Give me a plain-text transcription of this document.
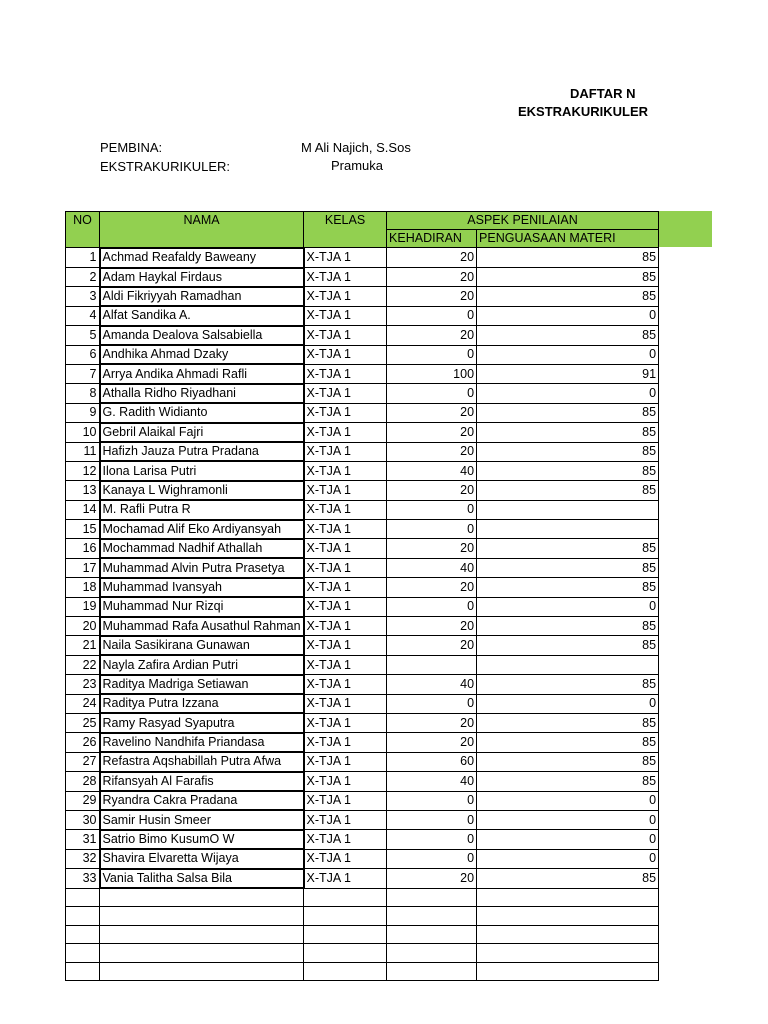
DAFTAR N
EKSTRAKURIKULER
PEMBINA:	M Ali Najich, S.Sos
EKSTRAKURIKULER:	Pramuka
NO	NAMA	KELAS	ASPEK PENILAIAN	
			KEHADIRAN	PENGUASAAN MATERI
1	Achmad Reafaldy Baweany	X-TJA 1	20	85
2	Adam Haykal Firdaus	X-TJA 1	20	85
3	Aldi Fikriyyah Ramadhan	X-TJA 1	20	85
4	Alfat Sandika A.	X-TJA 1	0	0
5	Amanda Dealova Salsabiella	X-TJA 1	20	85
6	Andhika Ahmad Dzaky	X-TJA 1	0	0
7	Arrya Andika Ahmadi Rafli	X-TJA 1	100	91
8	Athalla Ridho Riyadhani	X-TJA 1	0	0
9	G. Radith Widianto	X-TJA 1	20	85
10	Gebril Alaikal Fajri	X-TJA 1	20	85
11	Hafizh Jauza Putra Pradana	X-TJA 1	20	85
12	Ilona Larisa Putri	X-TJA 1	40	85
13	Kanaya L Wighramonli	X-TJA 1	20	85
14	M. Rafli Putra R	X-TJA 1	0	
15	Mochamad Alif Eko Ardiyansyah	X-TJA 1	0	
16	Mochammad Nadhif Athallah	X-TJA 1	20	85
17	Muhammad Alvin Putra Prasetya	X-TJA 1	40	85
18	Muhammad Ivansyah	X-TJA 1	20	85
19	Muhammad Nur Rizqi	X-TJA 1	0	0
20	Muhammad Rafa Ausathul Rahman	X-TJA 1	20	85
21	Naila Sasikirana Gunawan	X-TJA 1	20	85
22	Nayla Zafira Ardian Putri	X-TJA 1		
23	Raditya Madriga Setiawan	X-TJA 1	40	85
24	Raditya Putra Izzana	X-TJA 1	0	0
25	Ramy Rasyad Syaputra	X-TJA 1	20	85
26	Ravelino Nandhifa Priandasa	X-TJA 1	20	85
27	Refastra Aqshabillah Putra Afwa	X-TJA 1	60	85
28	Rifansyah Al Farafis	X-TJA 1	40	85
29	Ryandra Cakra Pradana	X-TJA 1	0	0
30	Samir Husin Smeer	X-TJA 1	0	0
31	Satrio Bimo KusumO W	X-TJA 1	0	0
32	Shavira Elvaretta Wijaya	X-TJA 1	0	0
33	Vania Talitha Salsa Bila	X-TJA 1	20	85
